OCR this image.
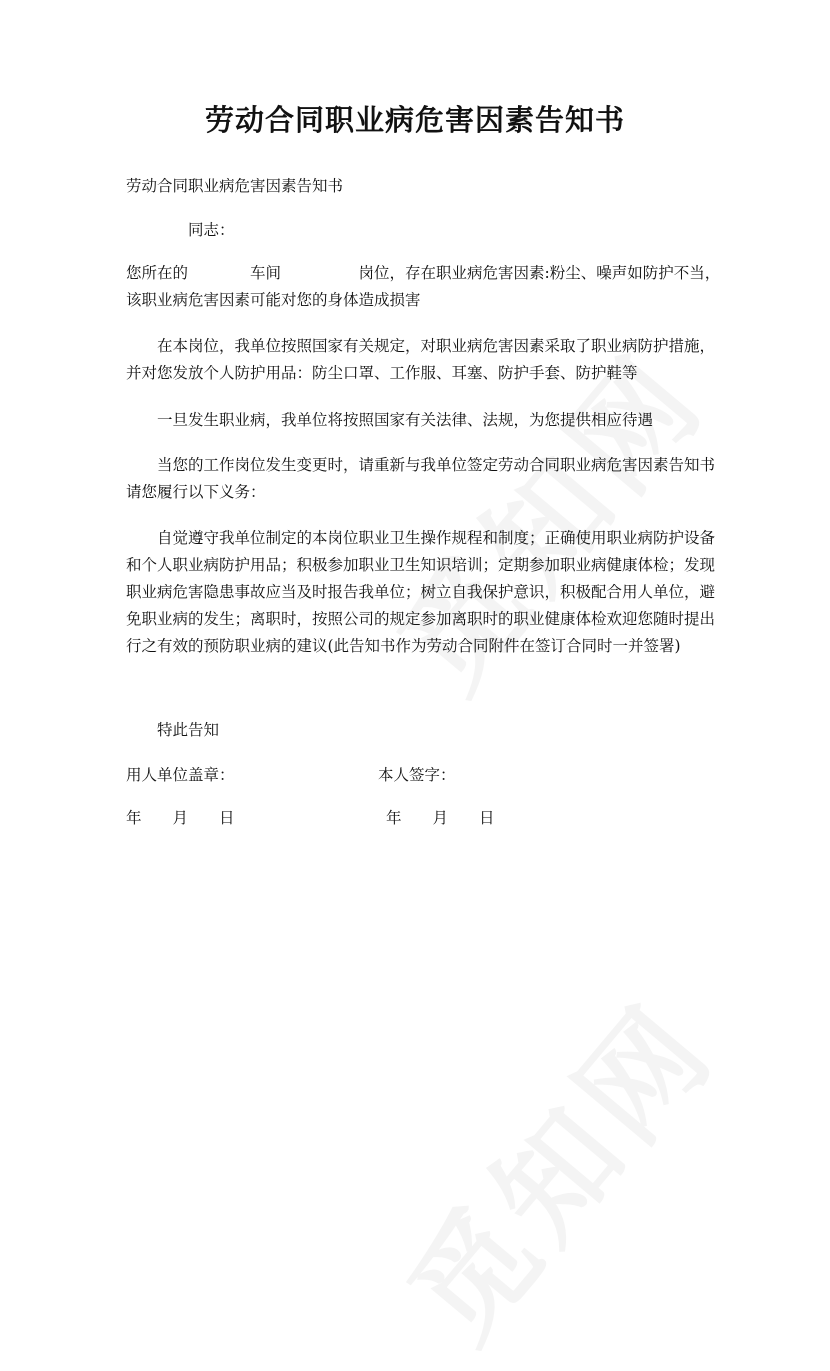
劳动合同职业病危害因素告知书
劳动合同职业病危害因素告知书
同志：
您所在的　　　　车间　　　　　岗位，存在职业病危害因素:粉尘、噪声如防护不当，
该职业病危害因素可能对您的身体造成损害
在本岗位，我单位按照国家有关规定，对职业病危害因素采取了职业病防护措施，并对您发放个人防护用品：防尘口罩、工作服、耳塞、防护手套、防护鞋等
一旦发生职业病，我单位将按照国家有关法律、法规，为您提供相应待遇
当您的工作岗位发生变更时，请重新与我单位签定劳动合同职业病危害因素告知书　　请您履行以下义务：
自觉遵守我单位制定的本岗位职业卫生操作规程和制度；正确使用职业病防护设备和个人职业病防护用品；积极参加职业卫生知识培训；定期参加职业病健康体检；发现职业病危害隐患事故应当及时报告我单位；树立自我保护意识，积极配合用人单位，避免职业病的发生；离职时，按照公司的规定参加离职时的职业健康体检欢迎您随时提出行之有效的预防职业病的建议(此告知书作为劳动合同附件在签订合同时一并签署)
特此告知
用人单位盖章：	本人签字：
年　　月　　日	年　　月　　日
